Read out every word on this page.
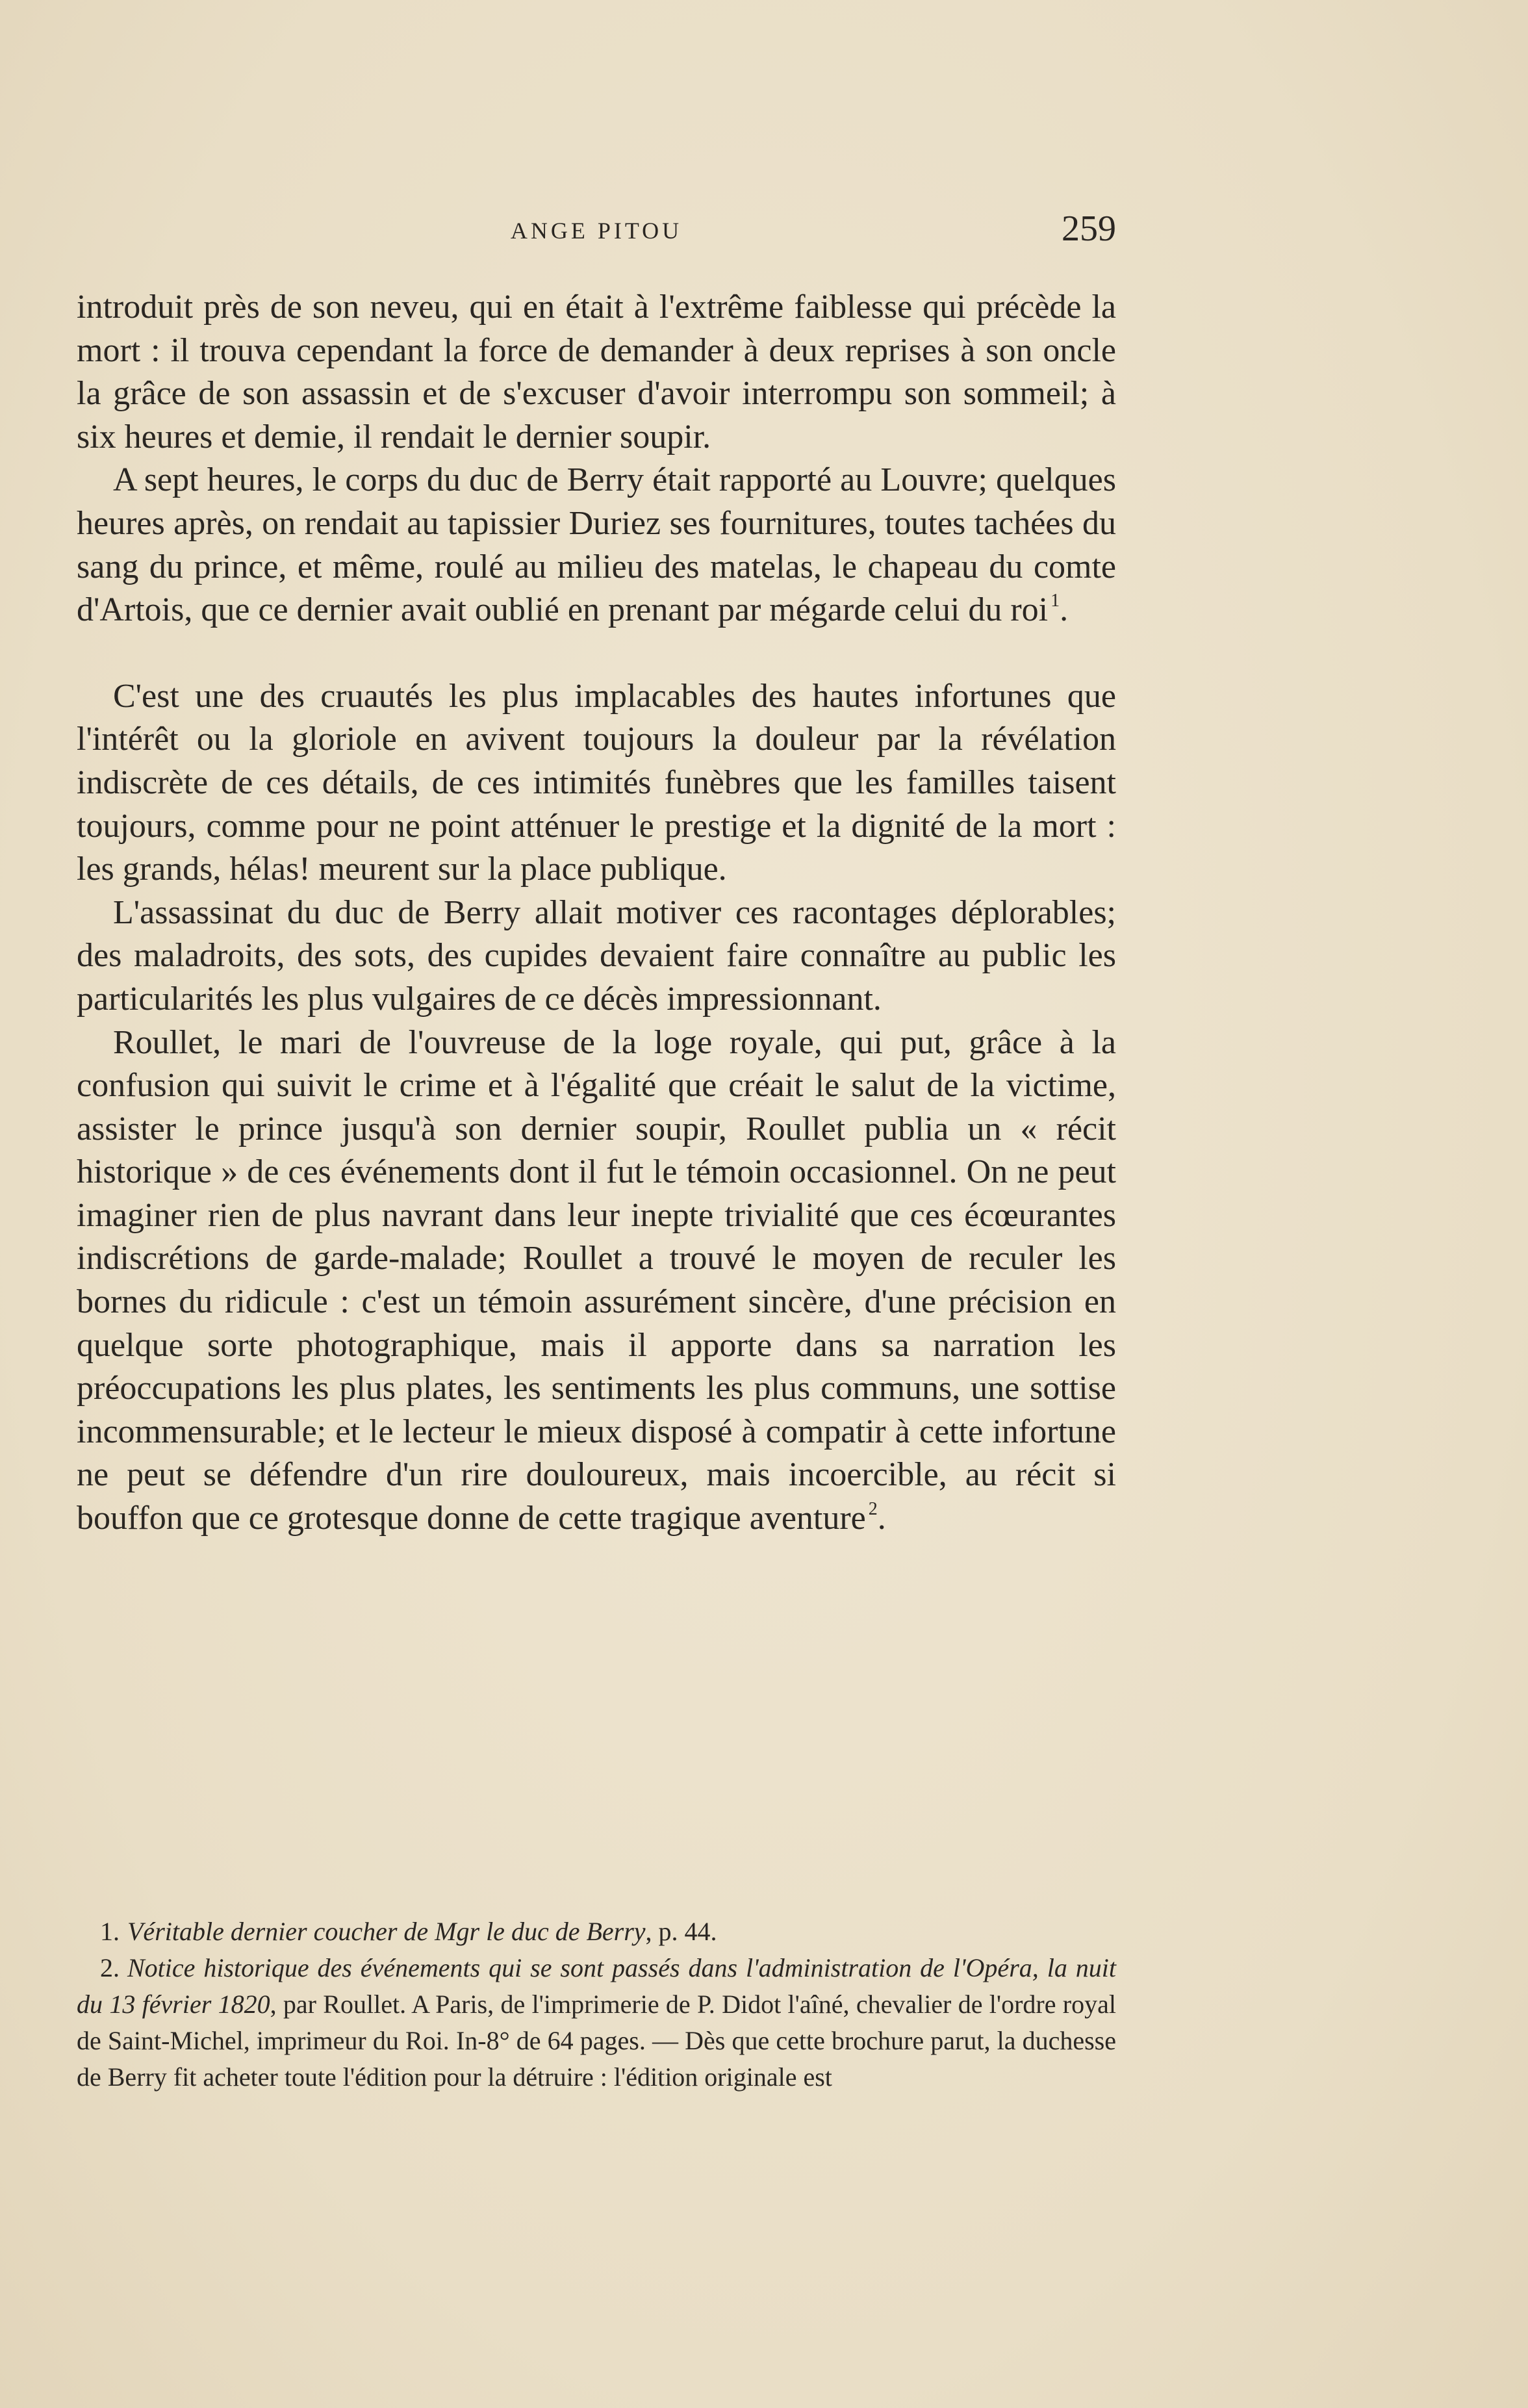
ANGE PITOU	259

introduit près de son neveu, qui en était à l'extrême faiblesse qui précède la mort : il trouva cependant la force de demander à deux reprises à son oncle la grâce de son assassin et de s'excuser d'avoir interrompu son sommeil; à six heures et demie, il rendait le dernier soupir.

A sept heures, le corps du duc de Berry était rapporté au Louvre; quelques heures après, on rendait au tapissier Duriez ses fournitures, toutes tachées du sang du prince, et même, roulé au milieu des matelas, le chapeau du comte d'Artois, que ce dernier avait oublié en prenant par mégarde celui du roi $^1$.

C'est une des cruautés les plus implacables des hautes infortunes que l'intérêt ou la gloriole en avivent toujours la douleur par la révélation indiscrète de ces détails, de ces intimités funèbres que les familles taisent toujours, comme pour ne point atténuer le prestige et la dignité de la mort : les grands, hélas! meurent sur la place publique.

L'assassinat du duc de Berry allait motiver ces racontages déplorables; des maladroits, des sots, des cupides devaient faire connaître au public les particularités les plus vulgaires de ce décès impressionnant.

Roullet, le mari de l'ouvreuse de la loge royale, qui put, grâce à la confusion qui suivit le crime et à l'égalité que créait le salut de la victime, assister le prince jusqu'à son dernier soupir, Roullet publia un « récit historique » de ces événements dont il fut le témoin occasionnel. On ne peut imaginer rien de plus navrant dans leur inepte trivialité que ces écœurantes indiscrétions de garde-malade; Roullet a trouvé le moyen de reculer les bornes du ridicule : c'est un témoin assurément sincère, d'une précision en quelque sorte photographique, mais il apporte dans sa narration les préoccupations les plus plates, les sentiments les plus communs, une sottise incommensurable; et le lecteur le mieux disposé à compatir à cette infortune ne peut se défendre d'un rire douloureux, mais incoercible, au récit si bouffon que ce grotesque donne de cette tragique aventure $^2$.

1. Véritable dernier coucher de Mgr le duc de Berry, p. 44.

2. Notice historique des événements qui se sont passés dans l'administration de l'Opéra, la nuit du 13 février 1820, par Roullet. A Paris, de l'imprimerie de P. Didot l'aîné, chevalier de l'ordre royal de Saint-Michel, imprimeur du Roi. In-8° de 64 pages. — Dès que cette brochure parut, la duchesse de Berry fit acheter toute l'édition pour la détruire : l'édition originale est
